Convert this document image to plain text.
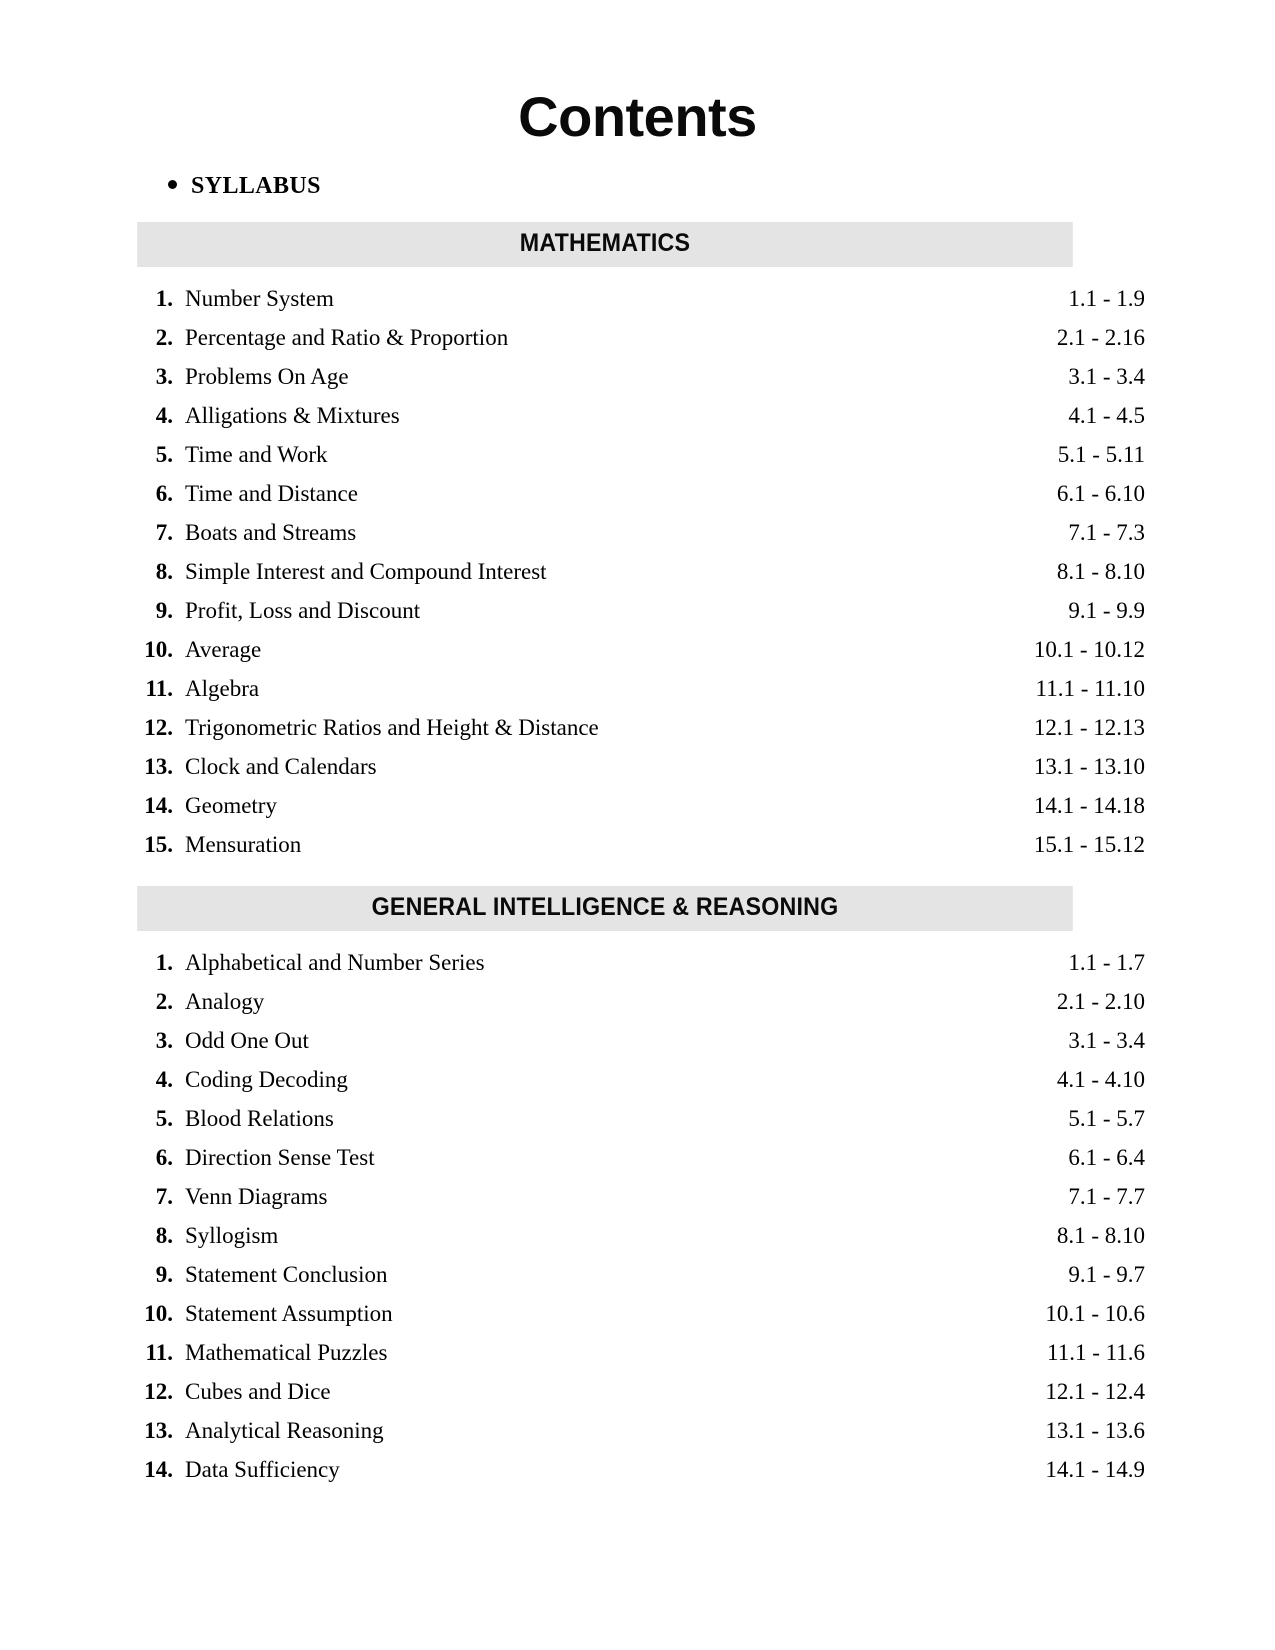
Contents
SYLLABUS
MATHEMATICS
1. Number System	1.1 - 1.9
2. Percentage and Ratio & Proportion	2.1 - 2.16
3. Problems On Age	3.1 - 3.4
4. Alligations & Mixtures	4.1 - 4.5
5. Time and Work	5.1 - 5.11
6. Time and Distance	6.1 - 6.10
7. Boats and Streams	7.1 - 7.3
8. Simple Interest and Compound Interest	8.1 - 8.10
9. Profit, Loss and Discount	9.1 - 9.9
10. Average	10.1 - 10.12
11. Algebra	11.1 - 11.10
12. Trigonometric Ratios and Height & Distance	12.1 - 12.13
13. Clock and Calendars	13.1 - 13.10
14. Geometry	14.1 - 14.18
15. Mensuration	15.1 - 15.12
GENERAL INTELLIGENCE & REASONING
1. Alphabetical and Number Series	1.1 - 1.7
2. Analogy	2.1 - 2.10
3. Odd One Out	3.1 - 3.4
4. Coding Decoding	4.1 - 4.10
5. Blood Relations	5.1 - 5.7
6. Direction Sense Test	6.1 - 6.4
7. Venn Diagrams	7.1 - 7.7
8. Syllogism	8.1 - 8.10
9. Statement Conclusion	9.1 - 9.7
10. Statement Assumption	10.1 - 10.6
11. Mathematical Puzzles	11.1 - 11.6
12. Cubes and Dice	12.1 - 12.4
13. Analytical Reasoning	13.1 - 13.6
14. Data Sufficiency	14.1 - 14.9
